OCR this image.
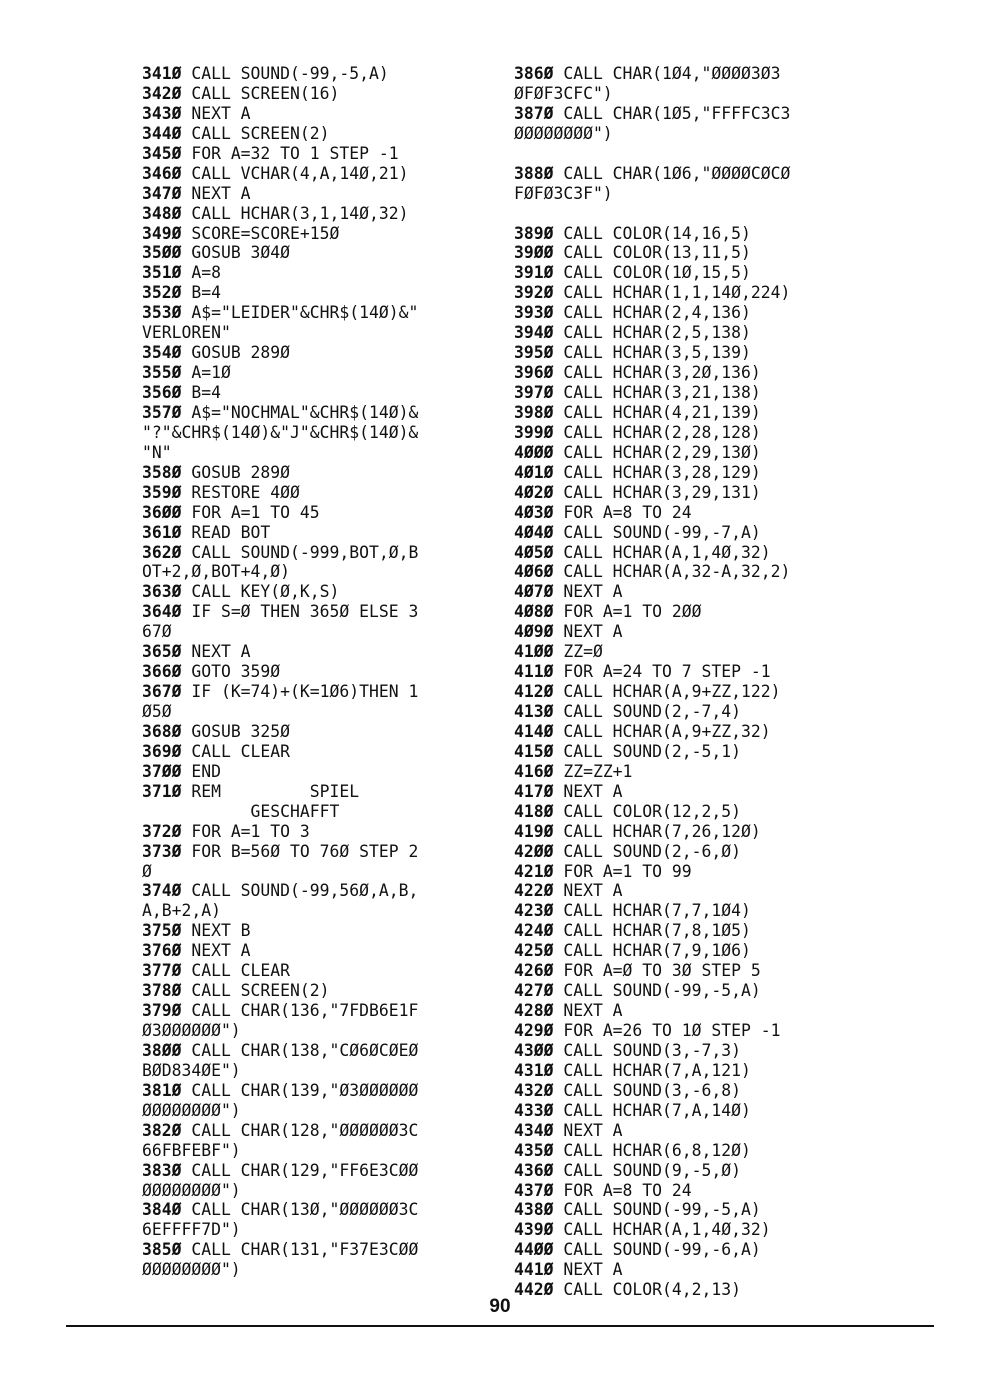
341Ø CALL SOUND(-99,-5,A)
342Ø CALL SCREEN(16)
343Ø NEXT A
344Ø CALL SCREEN(2)
345Ø FOR A=32 TO 1 STEP -1
346Ø CALL VCHAR(4,A,14Ø,21)
347Ø NEXT A
348Ø CALL HCHAR(3,1,14Ø,32)
349Ø SCORE=SCORE+15Ø
35ØØ GOSUB 3Ø4Ø
351Ø A=8
352Ø B=4
353Ø A$="LEIDER"&CHR$(14Ø)&"
VERLOREN"
354Ø GOSUB 289Ø
355Ø A=1Ø
356Ø B=4
357Ø A$="NOCHMAL"&CHR$(14Ø)&
"?"&CHR$(14Ø)&"J"&CHR$(14Ø)&
"N"
358Ø GOSUB 289Ø
359Ø RESTORE 4ØØ
36ØØ FOR A=1 TO 45
361Ø READ BOT
362Ø CALL SOUND(-999,BOT,Ø,B
OT+2,Ø,BOT+4,Ø)
363Ø CALL KEY(Ø,K,S)
364Ø IF S=Ø THEN 365Ø ELSE 3
67Ø
365Ø NEXT A
366Ø GOTO 359Ø
367Ø IF (K=74)+(K=1Ø6)THEN 1
Ø5Ø
368Ø GOSUB 325Ø
369Ø CALL CLEAR
37ØØ END
371Ø REM         SPIEL
GESCHAFFT
372Ø FOR A=1 TO 3
373Ø FOR B=56Ø TO 76Ø STEP 2
Ø
374Ø CALL SOUND(-99,56Ø,A,B,
A,B+2,A)
375Ø NEXT B
376Ø NEXT A
377Ø CALL CLEAR
378Ø CALL SCREEN(2)
379Ø CALL CHAR(136,"7FDB6E1F
Ø3ØØØØØØ")
38ØØ CALL CHAR(138,"CØ6ØCØEØ
BØD834ØE")
381Ø CALL CHAR(139,"Ø3ØØØØØØ
ØØØØØØØØ")
382Ø CALL CHAR(128,"ØØØØØØ3C
66FBFEBF")
383Ø CALL CHAR(129,"FF6E3CØØ
ØØØØØØØØ")
384Ø CALL CHAR(13Ø,"ØØØØØØ3C
6EFFFF7D")
385Ø CALL CHAR(131,"F37E3CØØ
ØØØØØØØØ")
386Ø CALL CHAR(1Ø4,"ØØØØ3Ø3
ØFØF3CFC")
387Ø CALL CHAR(1Ø5,"FFFFC3C3
ØØØØØØØØ")
388Ø CALL CHAR(1Ø6,"ØØØØCØCØ
FØFØ3C3F")
389Ø CALL COLOR(14,16,5)
39ØØ CALL COLOR(13,11,5)
391Ø CALL COLOR(1Ø,15,5)
392Ø CALL HCHAR(1,1,14Ø,224)
393Ø CALL HCHAR(2,4,136)
394Ø CALL HCHAR(2,5,138)
395Ø CALL HCHAR(3,5,139)
396Ø CALL HCHAR(3,2Ø,136)
397Ø CALL HCHAR(3,21,138)
398Ø CALL HCHAR(4,21,139)
399Ø CALL HCHAR(2,28,128)
4ØØØ CALL HCHAR(2,29,13Ø)
4Ø1Ø CALL HCHAR(3,28,129)
4Ø2Ø CALL HCHAR(3,29,131)
4Ø3Ø FOR A=8 TO 24
4Ø4Ø CALL SOUND(-99,-7,A)
4Ø5Ø CALL HCHAR(A,1,4Ø,32)
4Ø6Ø CALL HCHAR(A,32-A,32,2)
4Ø7Ø NEXT A
4Ø8Ø FOR A=1 TO 2ØØ
4Ø9Ø NEXT A
41ØØ ZZ=Ø
411Ø FOR A=24 TO 7 STEP -1
412Ø CALL HCHAR(A,9+ZZ,122)
413Ø CALL SOUND(2,-7,4)
414Ø CALL HCHAR(A,9+ZZ,32)
415Ø CALL SOUND(2,-5,1)
416Ø ZZ=ZZ+1
417Ø NEXT A
418Ø CALL COLOR(12,2,5)
419Ø CALL HCHAR(7,26,12Ø)
42ØØ CALL SOUND(2,-6,Ø)
421Ø FOR A=1 TO 99
422Ø NEXT A
423Ø CALL HCHAR(7,7,1Ø4)
424Ø CALL HCHAR(7,8,1Ø5)
425Ø CALL HCHAR(7,9,1Ø6)
426Ø FOR A=Ø TO 3Ø STEP 5
427Ø CALL SOUND(-99,-5,A)
428Ø NEXT A
429Ø FOR A=26 TO 1Ø STEP -1
43ØØ CALL SOUND(3,-7,3)
431Ø CALL HCHAR(7,A,121)
432Ø CALL SOUND(3,-6,8)
433Ø CALL HCHAR(7,A,14Ø)
434Ø NEXT A
435Ø CALL HCHAR(6,8,12Ø)
436Ø CALL SOUND(9,-5,Ø)
437Ø FOR A=8 TO 24
438Ø CALL SOUND(-99,-5,A)
439Ø CALL HCHAR(A,1,4Ø,32)
44ØØ CALL SOUND(-99,-6,A)
441Ø NEXT A
442Ø CALL COLOR(4,2,13)
90
